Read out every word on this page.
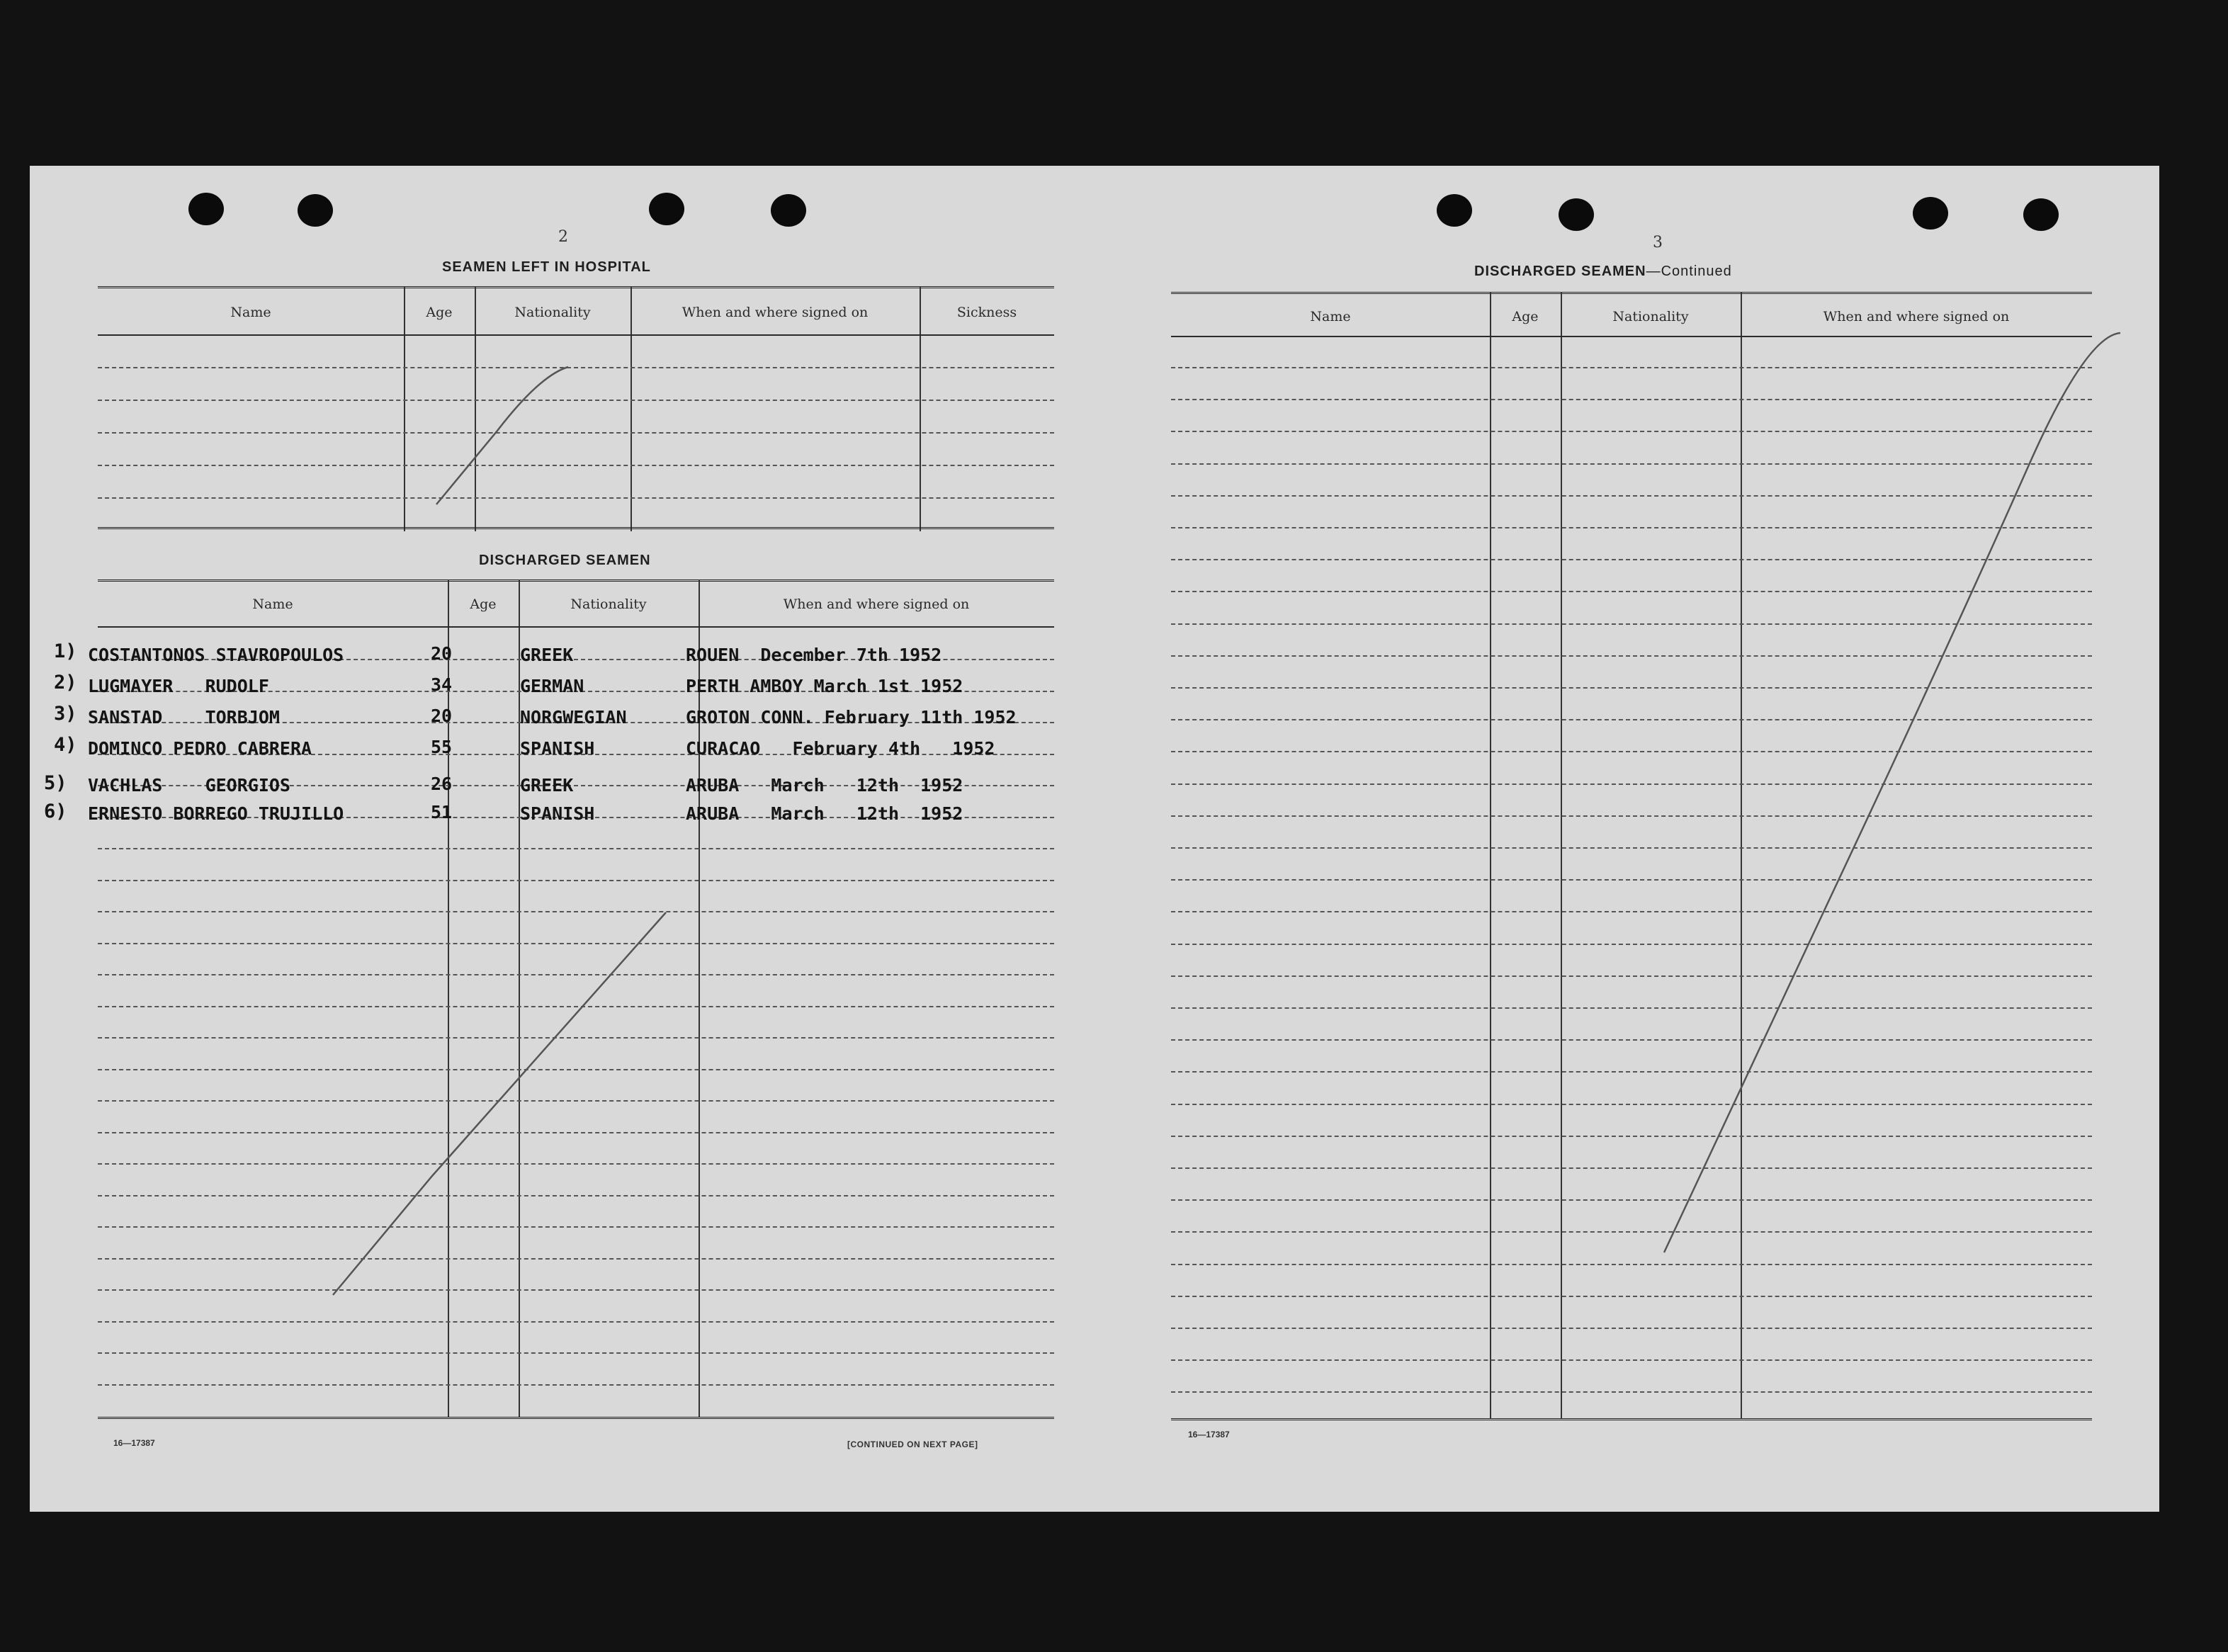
2
SEAMEN LEFT IN HOSPITAL
Name	Age	Nationality	When and where signed on	Sickness
DISCHARGED SEAMEN
Name	Age	Nationality	When and where signed on
1) COSTANTONOS STAVROPOULOS	20	GREEK	ROUEN  December 7th 1952
2) LUGMAYER   RUDOLF	34	GERMAN	PERTH AMBOY March 1st 1952
3) SANSTAD    TORBJOM	20	NORGWEGIAN	GROTON CONN. February 11th 1952
4) DOMINCO PEDRO CABRERA	55	SPANISH	CURACAO   February 4th   1952
5) VACHLAS    GEORGIOS	26	GREEK	ARUBA   March   12th  1952
6) ERNESTO BORREGO TRUJILLO	51	SPANISH	ARUBA   March   12th  1952
16—17387	[CONTINUED ON NEXT PAGE]
3
DISCHARGED SEAMEN—Continued
Name	Age	Nationality	When and where signed on
16—17387
